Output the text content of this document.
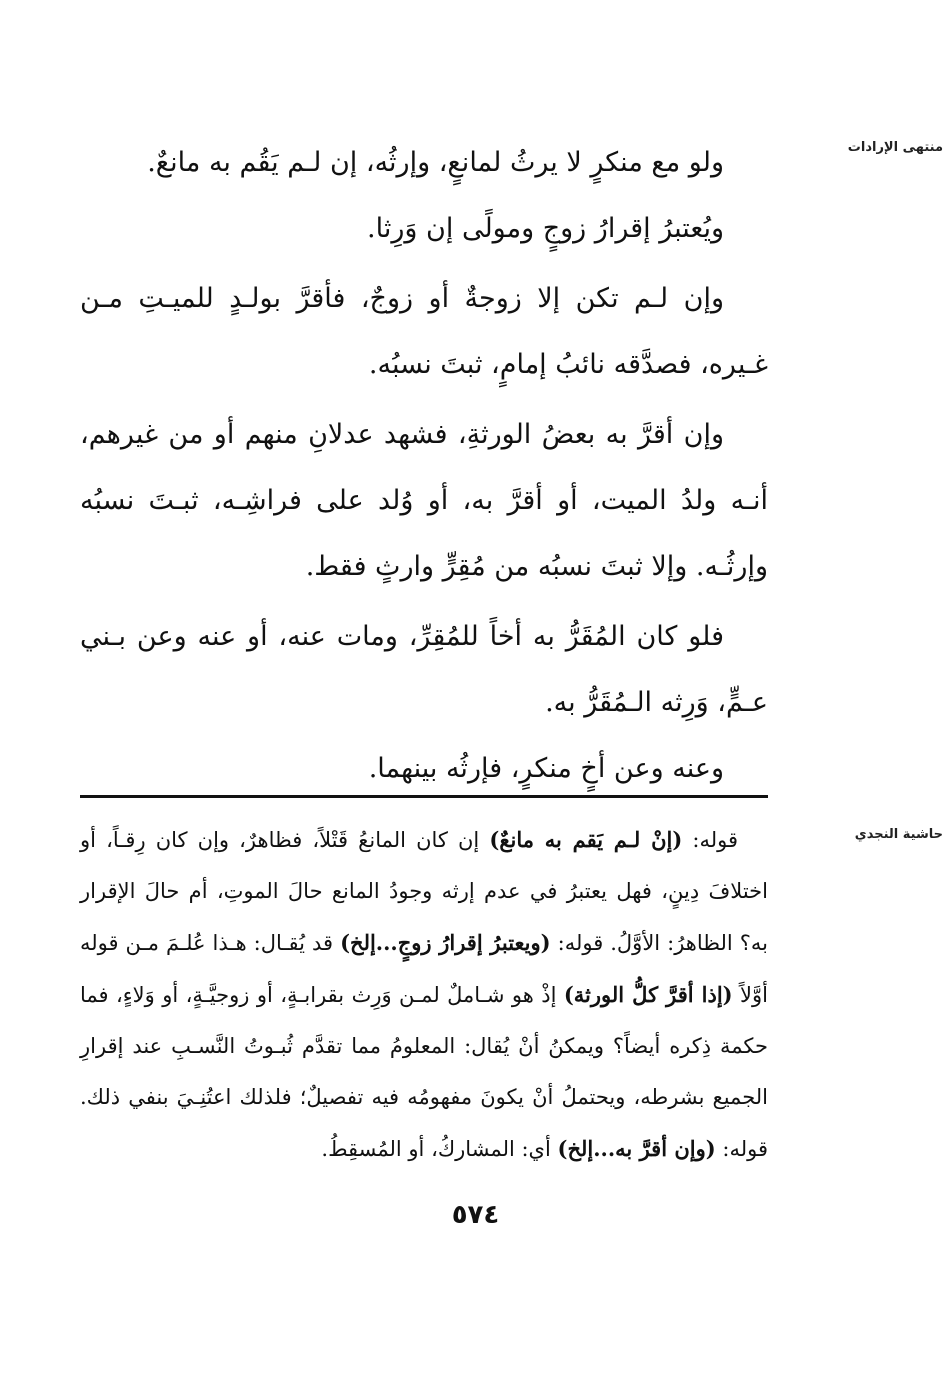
منتهى الإرادات

ولو مع منكرٍ لا يرثُ لمانعٍ، وإرثُه، إن لـم يَقُم به مانعٌ.

ويُعتبرُ إقرارُ زوجٍ ومولًى إن وَرِثا.

وإن لـم تكن إلا زوجةٌ أو زوجٌ، فأقرَّ بولـدٍ للميـتِ مـن غـيره، فصدَّقه نائبُ إمامٍ، ثبتَ نسبُه.

وإن أقرَّ به بعضُ الورثةِ، فشهد عدلانِ منهم أو من غيرهم، أنـه ولدُ الميت، أو أقرَّ به، أو وُلد على فراشِـه، ثبـتَ نسبُه وإرثُـه. وإلا ثبتَ نسبُه من مُقِرٍّ وارثٍ فقط.

فلو كان المُقَرُّ به أخاً للمُقِرِّ، ومات عنه، أو عنه وعن بـني عـمٍّ، وَرِثه الـمُقَرُّ به.

وعنه وعن أخٍ منكرٍ، فإرثُه بينهما.

حاشية النجدي
قوله: (إنْ لـم يَقم به مانعٌ) إن كان المانعُ قَتْلاً، فظاهرٌ، وإن كان رِقـاً، أو اختلافَ دِينٍ، فهل يعتبرُ في عدم إرثه وجودُ المانع حالَ الموتِ، أم حالَ الإقرار به؟ الظاهرُ: الأوَّلُ. قوله: (ويعتبرُ إقرارُ زوجٍ...إلخ) قد يُقـال: هـذا عُلـمَ مـن قوله أوَّلاً (إذا أقرَّ كلُّ الورثة) إذْ هو شـاملٌ لمـن وَرِث بقرابـةٍ، أو زوجيَّـةٍ، أو وَلاءٍ، فما حكمة ذِكره أيضاً؟ ويمكنُ أنْ يُقال: المعلومُ مما تقدَّم ثُبـوتُ النَّسـبِ عند إقرارِ الجميع بشرطه، ويحتملُ أنْ يكونَ مفهومُه فيه تفصيلٌ؛ فلذلك اعتُنِـيَ بنفي ذلك. قوله: (وإن أقرَّ به...إلخ) أي: المشاركُ، أو المُسقِطُ.
٥٧٤
